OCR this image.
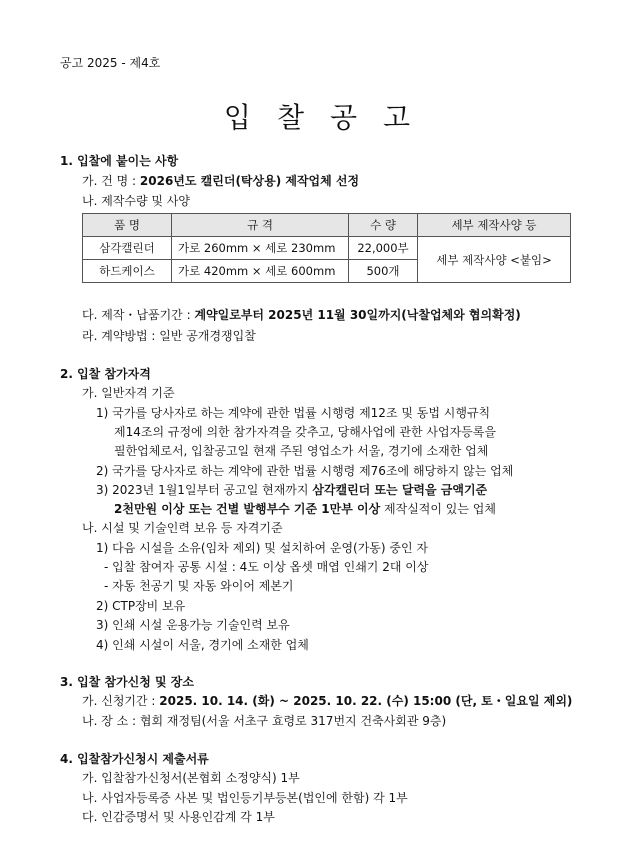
공고 2025 - 제4호
입찰공고
1. 입찰에 붙이는 사항
가. 건 명 : 2026년도 캘린더(탁상용) 제작업체 선정
나. 제작수량 및 사양
품 명	규 격	수 량	세부 제작사양 등
삼각캘린더	가로 260mm × 세로 230mm	22,000부	세부 제작사양 <붙임>
하드케이스	가로 420mm × 세로 600mm	500개	
다. 제작・납품기간 : 계약일로부터 2025년 11월 30일까지(낙찰업체와 협의확정)
라. 계약방법 : 일반 공개경쟁입찰
2. 입찰 참가자격
가. 일반자격 기준
1) 국가를 당사자로 하는 계약에 관한 법률 시행령 제12조 및 동법 시행규칙
제14조의 규정에 의한 참가자격을 갖추고, 당해사업에 관한 사업자등록을
필한업체로서, 입찰공고일 현재 주된 영업소가 서울, 경기에 소재한 업체
2) 국가를 당사자로 하는 계약에 관한 법률 시행령 제76조에 해당하지 않는 업체
3) 2023년 1월1일부터 공고일 현재까지 삼각캘린더 또는 달력을 금액기준
2천만원 이상 또는 건별 발행부수 기준 1만부 이상 제작실적이 있는 업체
나. 시설 및 기술인력 보유 등 자격기준
1) 다음 시설을 소유(임차 제외) 및 설치하여 운영(가동) 중인 자
- 입찰 참여자 공통 시설 : 4도 이상 옵셋 매엽 인쇄기 2대 이상
- 자동 천공기 및 자동 와이어 제본기
2) CTP장비 보유
3) 인쇄 시설 운용가능 기술인력 보유
4) 인쇄 시설이 서울, 경기에 소재한 업체
3. 입찰 참가신청 및 장소
가. 신청기간 : 2025. 10. 14. (화) ~ 2025. 10. 22. (수) 15:00 (단, 토・일요일 제외)
나. 장 소 : 협회 재정팀(서울 서초구 효령로 317번지 건축사회관 9층)
4. 입찰참가신청시 제출서류
가. 입찰참가신청서(본협회 소정양식) 1부
나. 사업자등록증 사본 및 법인등기부등본(법인에 한함) 각 1부
다. 인감증명서 및 사용인감계 각 1부
